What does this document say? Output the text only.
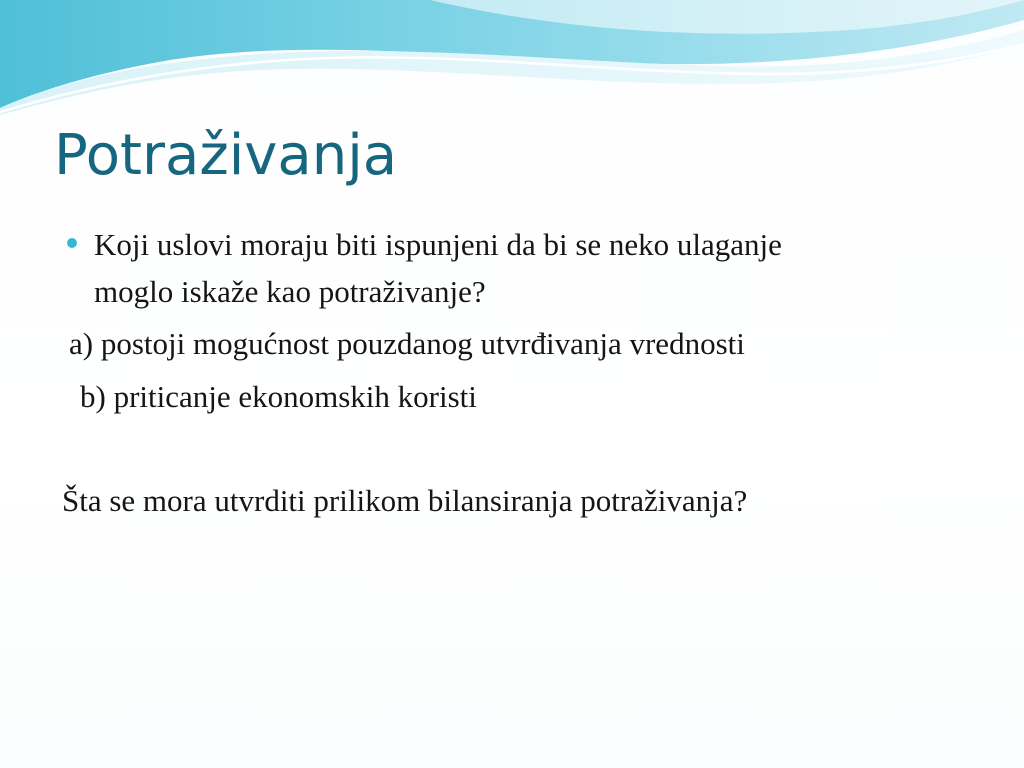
Potraživanja

Koji uslovi moraju biti ispunjeni da bi se neko ulaganje

moglo iskaže kao potraživanje?

a) postoji mogućnost pouzdanog utvrđivanja vrednosti

b) priticanje ekonomskih koristi

Šta se mora utvrditi prilikom bilansiranja potraživanja?
